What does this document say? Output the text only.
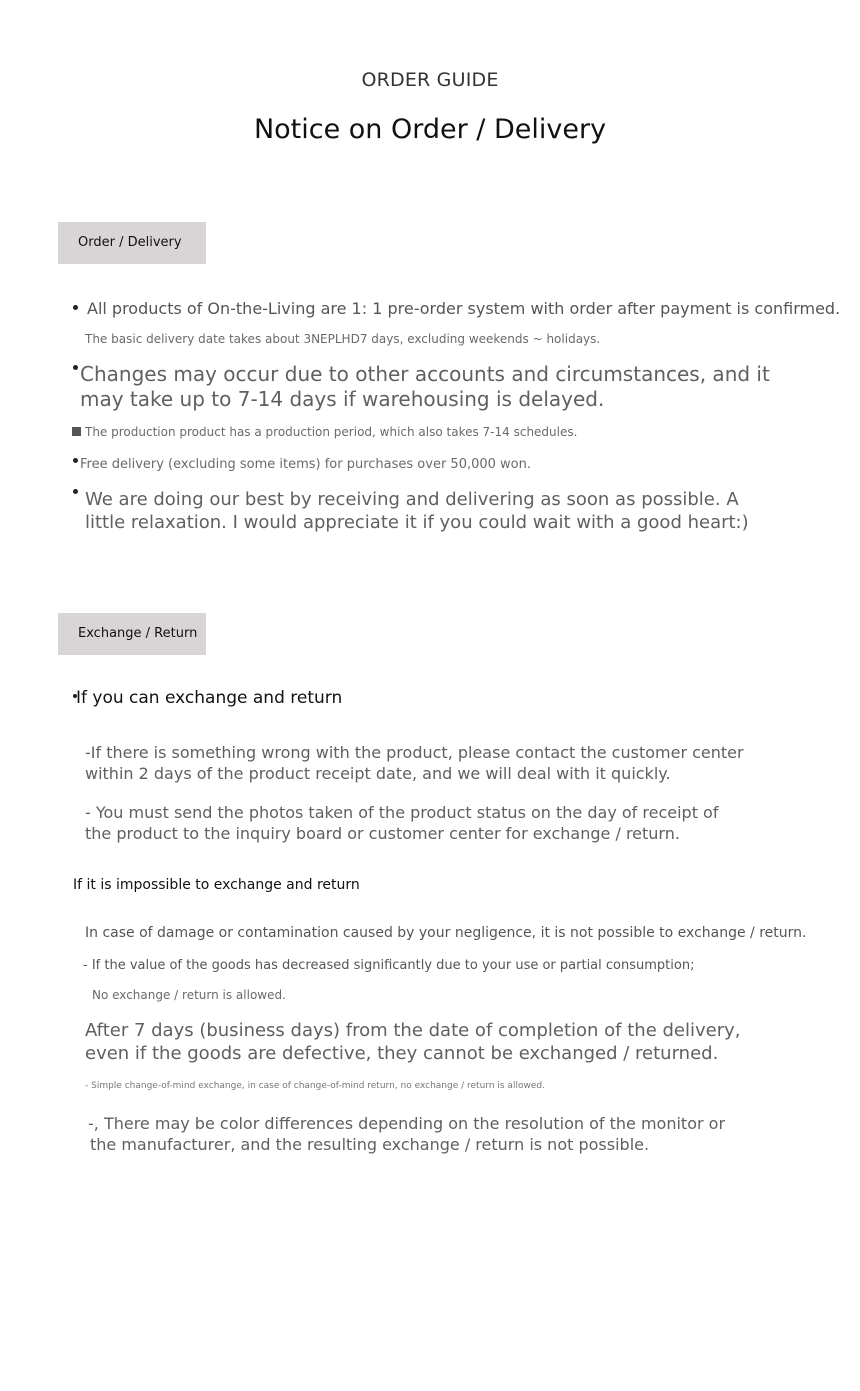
ORDER GUIDE
Notice on Order / Delivery
Order / Delivery
All products of On-the-Living are 1: 1 pre-order system with order after payment is confirmed.
The basic delivery date takes about 3NEPLHD7 days, excluding weekends ~ holidays.
Changes may occur due to other accounts and circumstances, and it
may take up to 7-14 days if warehousing is delayed.
The production product has a production period, which also takes 7-14 schedules.
Free delivery (excluding some items) for purchases over 50,000 won.
We are doing our best by receiving and delivering as soon as possible. A
little relaxation. I would appreciate it if you could wait with a good heart:)
Exchange / Return
If you can exchange and return
-If there is something wrong with the product, please contact the customer center
within 2 days of the product receipt date, and we will deal with it quickly.
- You must send the photos taken of the product status on the day of receipt of
the product to the inquiry board or customer center for exchange / return.
If it is impossible to exchange and return
In case of damage or contamination caused by your negligence, it is not possible to exchange / return.
- If the value of the goods has decreased significantly due to your use or partial consumption;
No exchange / return is allowed.
After 7 days (business days) from the date of completion of the delivery,
even if the goods are defective, they cannot be exchanged / returned.
- Simple change-of-mind exchange, in case of change-of-mind return, no exchange / return is allowed.
-, There may be color differences depending on the resolution of the monitor or
the manufacturer, and the resulting exchange / return is not possible.
